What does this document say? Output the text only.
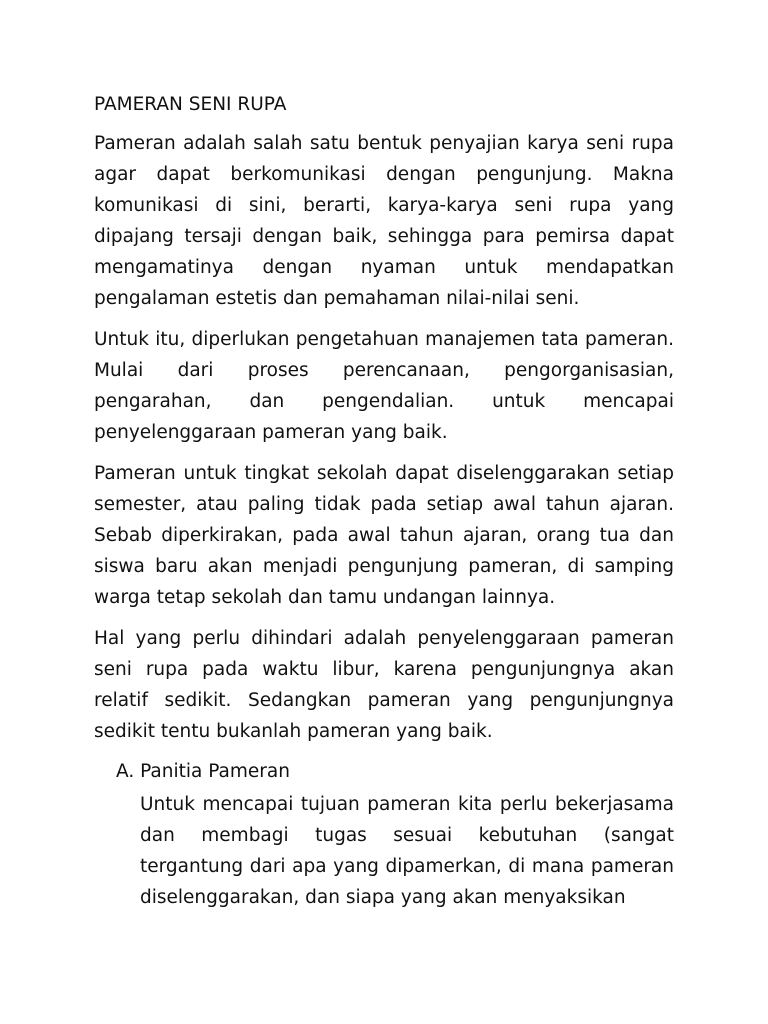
PAMERAN SENI RUPA

Pameran adalah salah satu bentuk penyajian karya seni rupa agar dapat berkomunikasi dengan pengunjung. Makna komunikasi di sini, berarti, karya-karya seni rupa yang dipajang tersaji dengan baik, sehingga para pemirsa dapat mengamatinya dengan nyaman untuk mendapatkan pengalaman estetis dan pemahaman nilai-nilai seni.

Untuk itu, diperlukan pengetahuan manajemen tata pameran. Mulai dari proses perencanaan, pengorganisasian, pengarahan, dan pengendalian. untuk mencapai penyelenggaraan pameran yang baik.

Pameran untuk tingkat sekolah dapat diselenggarakan setiap semester, atau paling tidak pada setiap awal tahun ajaran. Sebab diperkirakan, pada awal tahun ajaran, orang tua dan siswa baru akan menjadi pengunjung pameran, di samping warga tetap sekolah dan tamu undangan lainnya.

Hal yang perlu dihindari adalah penyelenggaraan pameran seni rupa pada waktu libur, karena pengunjungnya akan relatif sedikit. Sedangkan pameran yang pengunjungnya sedikit tentu bukanlah pameran yang baik.

A. Panitia Pameran
Untuk mencapai tujuan pameran kita perlu bekerjasama dan membagi tugas sesuai kebutuhan (sangat tergantung dari apa yang dipamerkan, di mana pameran diselenggarakan, dan siapa yang akan menyaksikan
